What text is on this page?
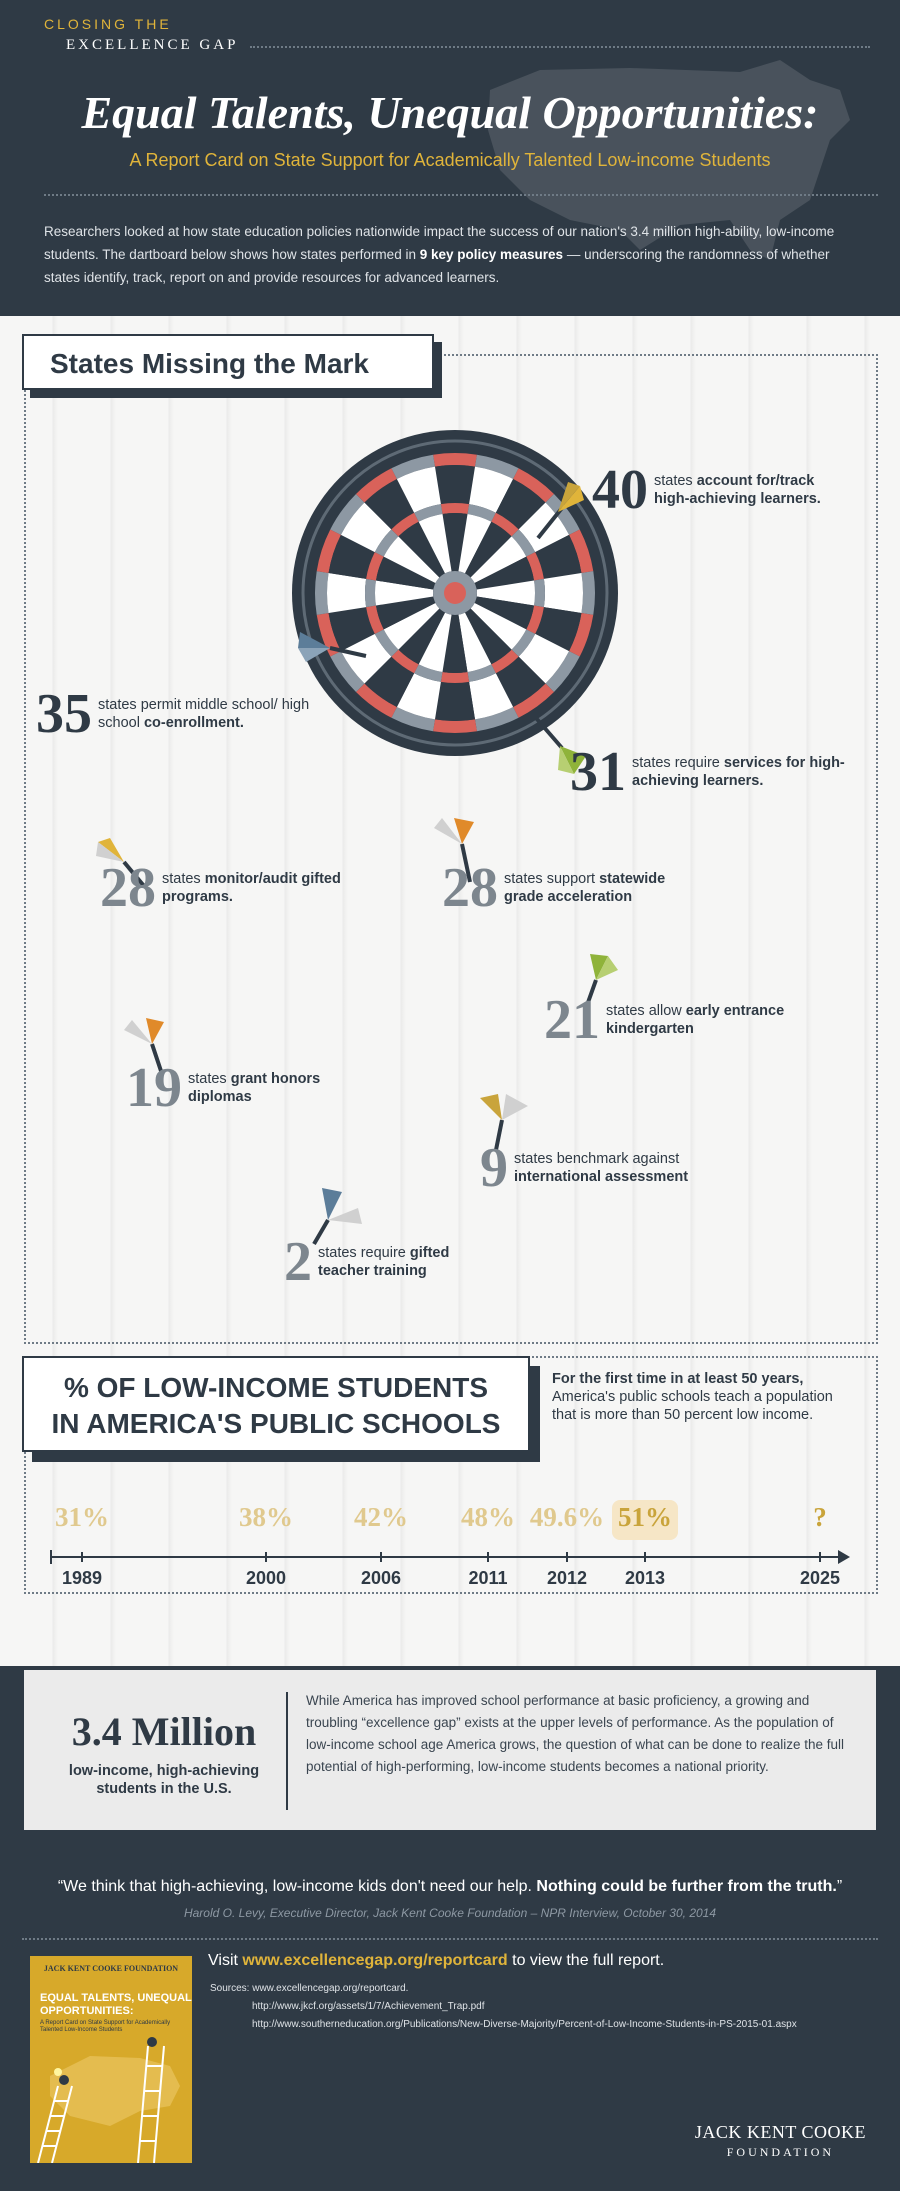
CLOSING THE
EXCELLENCE GAP
Equal Talents, Unequal Opportunities:
A Report Card on State Support for Academically Talented Low-income Students
Researchers looked at how state education policies nationwide impact the success of our nation's 3.4 million high-ability, low-income students. The dartboard below shows how states performed in 9 key policy measures — underscoring the randomness of whether states identify, track, report on and provide resources for advanced learners.
States Missing the Mark
40 states account for/track high-achieving learners.
35 states permit middle school/ high school co-enrollment.
31 states require services for high-achieving learners.
28 states monitor/audit gifted programs.	28 states support statewide grade acceleration
21 states allow early entrance kindergarten
19 states grant honors diplomas
9 states benchmark against international assessment
2 states require gifted teacher training
% OF LOW-INCOME STUDENTS
IN AMERICA'S PUBLIC SCHOOLS
For the first time in at least 50 years, America's public schools teach a population that is more than 50 percent low income.
31%
1989
38%
2000
42%
2006
48%
2011
49.6%
2012
51%
2013
?
2025
3.4 Million
low-income, high-achieving students in the U.S.
While America has improved school performance at basic proficiency, a growing and troubling “excellence gap” exists at the upper levels of performance. As the population of low-income school age America grows, the question of what can be done to realize the full potential of high-performing, low-income students becomes a national priority.
“We think that high-achieving, low-income kids don't need our help. Nothing could be further from the truth.”
Harold O. Levy, Executive Director, Jack Kent Cooke Foundation – NPR Interview, October 30, 2014
JACK KENT COOKE FOUNDATION
EQUAL TALENTS, UNEQUAL OPPORTUNITIES:
A Report Card on State Support for Academically Talented Low-Income Students
Visit www.excellencegap.org/reportcard to view the full report.
Sources: www.excellencegap.org/reportcard.
http://www.jkcf.org/assets/1/7/Achievement_Trap.pdf
http://www.southerneducation.org/Publications/New-Diverse-Majority/Percent-of-Low-Income-Students-in-PS-2015-01.aspx
JACK KENT COOKE
FOUNDATION
